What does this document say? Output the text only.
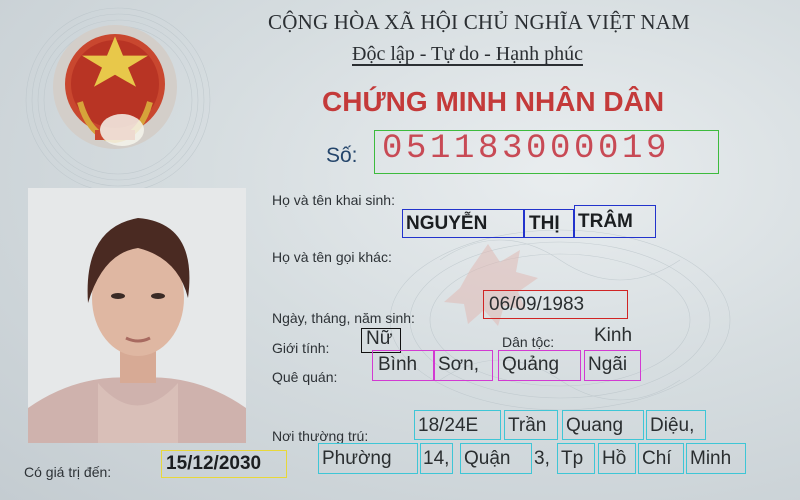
CỘNG HÒA XÃ HỘI CHỦ NGHĨA VIỆT NAM
Độc lập - Tự do - Hạnh phúc
CHỨNG MINH NHÂN DÂN
Số: 051183000019
Họ và tên khai sinh:
NGUYỄN THỊ TRÂM
Họ và tên gọi khác:
Ngày, tháng, năm sinh:
06/09/1983
Giới tính: Nữ	Dân tộc: Kinh
Quê quán:
Bình Sơn, Quảng Ngãi
Nơi thường trú:	18/24E Trần Quang Diệu,
Phường 14, Quận 3, Tp Hồ Chí Minh
Có giá trị đến:	15/12/2030
